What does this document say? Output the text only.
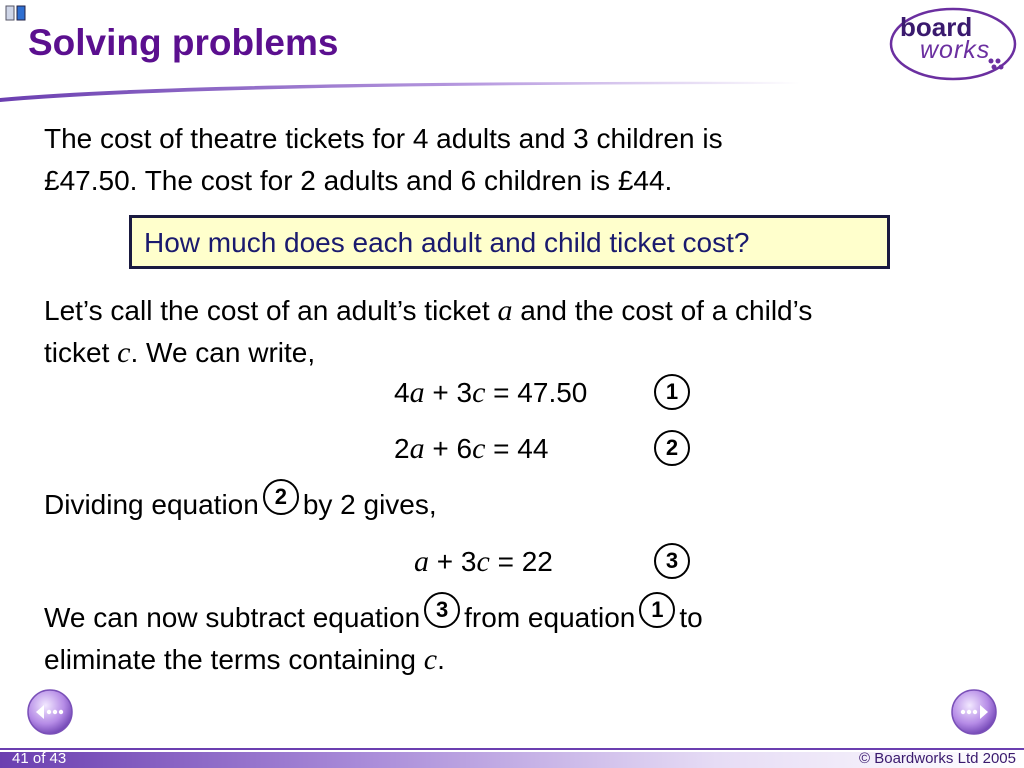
Solving problems	board
works

The cost of theatre tickets for 4 adults and 3 children is
£47.50. The cost for 2 adults and 6 children is £44.

How much does each adult and child ticket cost?

Let’s call the cost of an adult’s ticket a and the cost of a child’s
ticket c. We can write,

4a + 3c = 47.50	1
2a + 6c = 44	2

Dividing equation 2 by 2 gives,

a + 3c = 22	3

We can now subtract equation 3 from equation 1 to
eliminate the terms containing c.

41 of 43	© Boardworks Ltd 2005
